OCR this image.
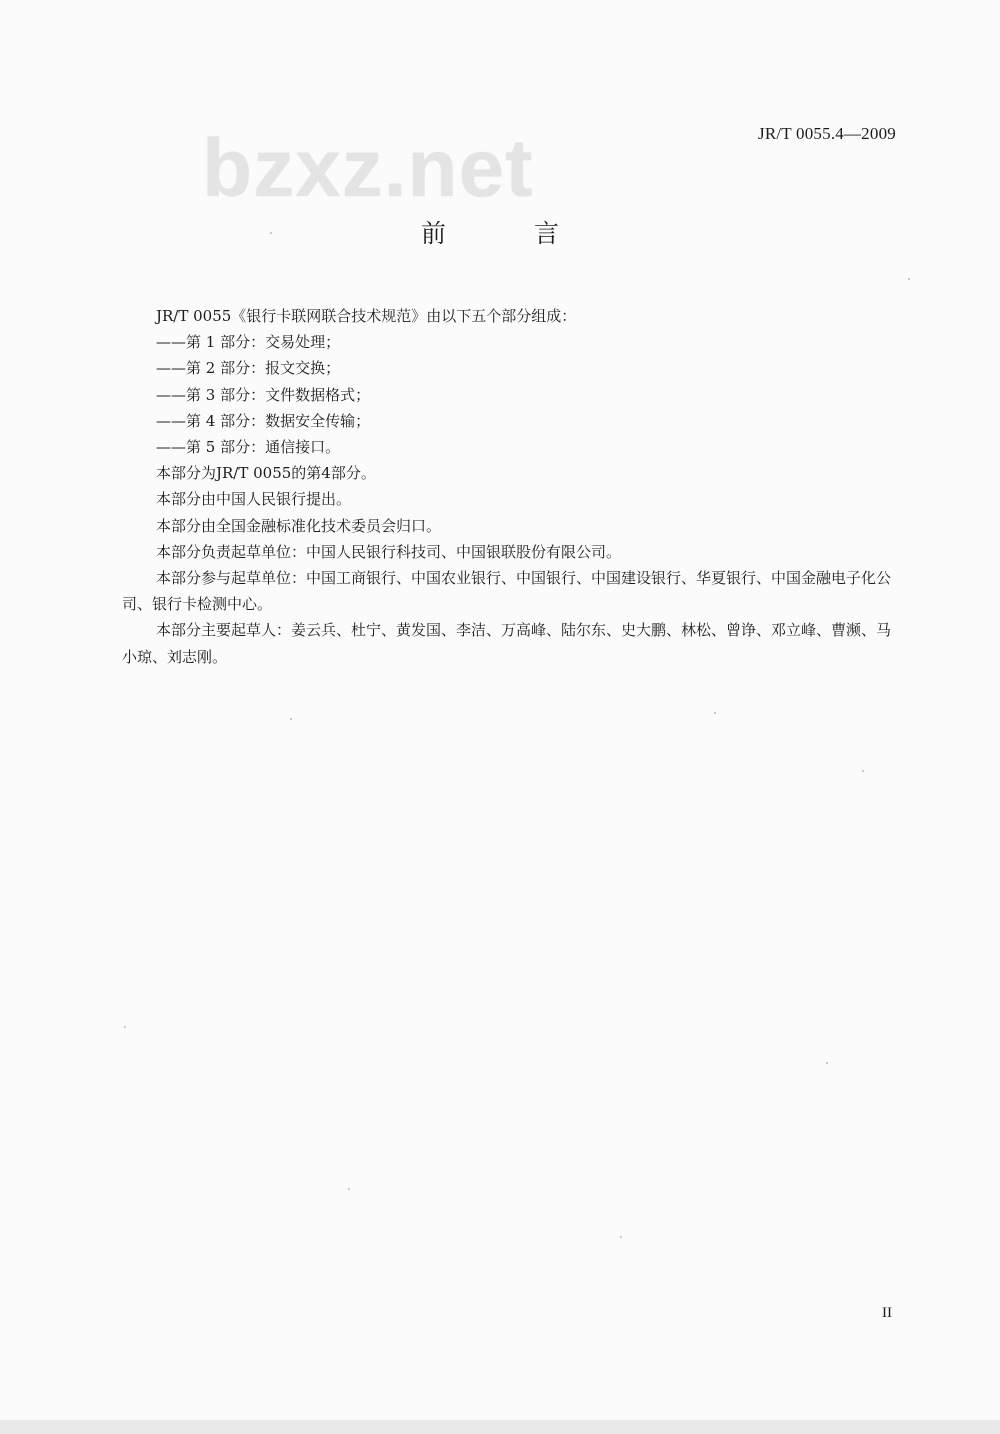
bzxz.net	JR/T 0055.4—2009
前 言

JR/T 0055《银行卡联网联合技术规范》由以下五个部分组成：

——第 1 部分：交易处理；

——第 2 部分：报文交换；

——第 3 部分：文件数据格式；

——第 4 部分：数据安全传输；

——第 5 部分：通信接口。

本部分为JR/T 0055的第4部分。

本部分由中国人民银行提出。

本部分由全国金融标准化技术委员会归口。

本部分负责起草单位：中国人民银行科技司、中国银联股份有限公司。

本部分参与起草单位：中国工商银行、中国农业银行、中国银行、中国建设银行、华夏银行、中国金融电子化公司、银行卡检测中心。

本部分主要起草人：姜云兵、杜宁、黄发国、李洁、万高峰、陆尔东、史大鹏、林松、曾诤、邓立峰、曹濒、马小琼、刘志刚。

II
